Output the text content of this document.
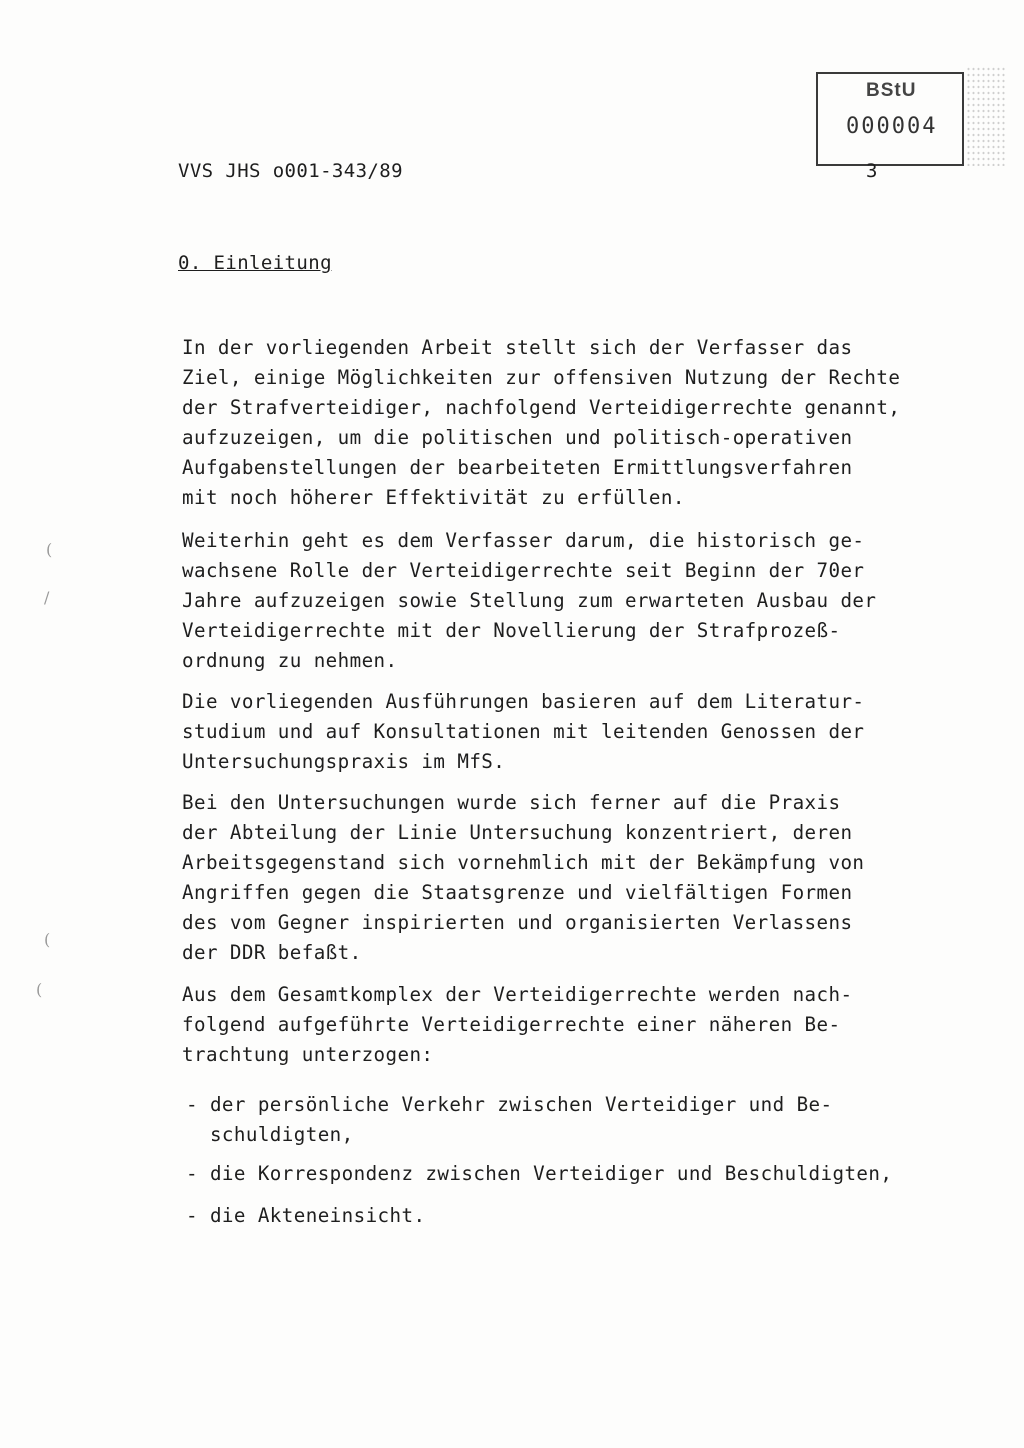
BStU
000004
VVS JHS o001-343/89	3
0. Einleitung
In der vorliegenden Arbeit stellt sich der Verfasser das
Ziel, einige Möglichkeiten zur offensiven Nutzung der Rechte
der Strafverteidiger, nachfolgend Verteidigerrechte genannt,
aufzuzeigen, um die politischen und politisch-operativen
Aufgabenstellungen der bearbeiteten Ermittlungsverfahren
mit noch höherer Effektivität zu erfüllen.
Weiterhin geht es dem Verfasser darum, die historisch ge-
wachsene Rolle der Verteidigerrechte seit Beginn der 70er
Jahre aufzuzeigen sowie Stellung zum erwarteten Ausbau der
Verteidigerrechte mit der Novellierung der Strafprozeß-
ordnung zu nehmen.
Die vorliegenden Ausführungen basieren auf dem Literatur-
studium und auf Konsultationen mit leitenden Genossen der
Untersuchungspraxis im MfS.
Bei den Untersuchungen wurde sich ferner auf die Praxis
der Abteilung der Linie Untersuchung konzentriert, deren
Arbeitsgegenstand sich vornehmlich mit der Bekämpfung von
Angriffen gegen die Staatsgrenze und vielfältigen Formen
des vom Gegner inspirierten und organisierten Verlassens
der DDR befaßt.
Aus dem Gesamtkomplex der Verteidigerrechte werden nach-
folgend aufgeführte Verteidigerrechte einer näheren Be-
trachtung unterzogen:
- der persönliche Verkehr zwischen Verteidiger und Be-
schuldigten,
- die Korrespondenz zwischen Verteidiger und Beschuldigten,
- die Akteneinsicht.
(
/
(
(
